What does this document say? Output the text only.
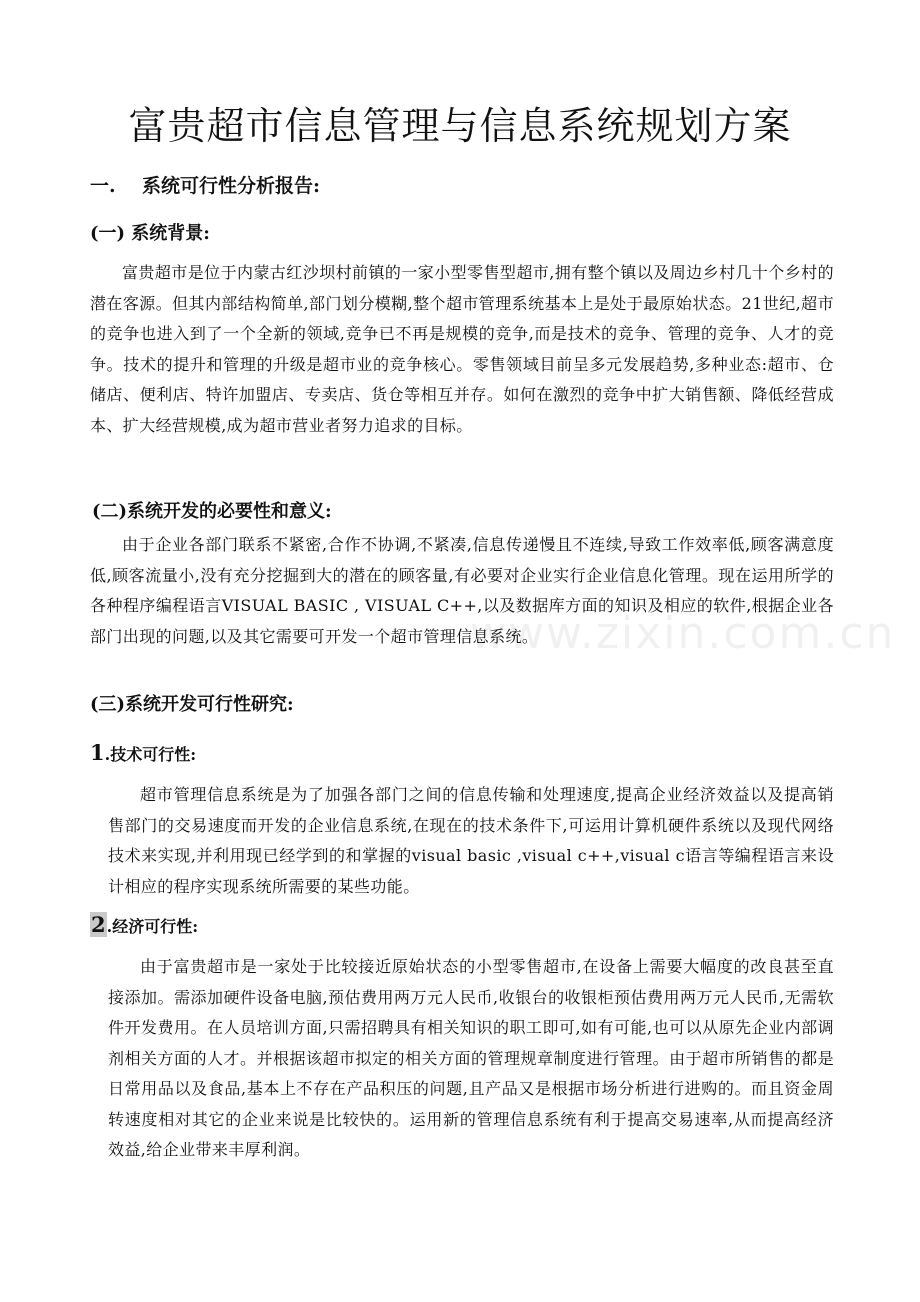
富贵超市信息管理与信息系统规划方案
一. 系统可行性分析报告:
(一) 系统背景:

富贵超市是位于内蒙古红沙坝村前镇的一家小型零售型超市,拥有整个镇以及周边乡村几十个乡村的潜在客源。但其内部结构简单,部门划分模糊,整个超市管理系统基本上是处于最原始状态。21世纪,超市的竞争也进入到了一个全新的领域,竞争已不再是规模的竞争,而是技术的竞争、管理的竞争、人才的竞争。技术的提升和管理的升级是超市业的竞争核心。零售领域目前呈多元发展趋势,多种业态:超市、仓储店、便利店、特许加盟店、专卖店、货仓等相互并存。如何在激烈的竞争中扩大销售额、降低经营成本、扩大经营规模,成为超市营业者努力追求的目标。

(二)系统开发的必要性和意义:

由于企业各部门联系不紧密,合作不协调,不紧凑,信息传递慢且不连续,导致工作效率低,顾客满意度低,顾客流量小,没有充分挖掘到大的潜在的顾客量,有必要对企业实行企业信息化管理。现在运用所学的各种程序编程语言VISUAL BASIC , VISUAL C++,以及数据库方面的知识及相应的软件,根据企业各部门出现的问题,以及其它需要可开发一个超市管理信息系统。

(三)系统开发可行性研究:
1.技术可行性:

超市管理信息系统是为了加强各部门之间的信息传输和处理速度,提高企业经济效益以及提高销售部门的交易速度而开发的企业信息系统,在现在的技术条件下,可运用计算机硬件系统以及现代网络技术来实现,并利用现已经学到的和掌握的visual basic ,visual c++,visual c语言等编程语言来设计相应的程序实现系统所需要的某些功能。

2.经济可行性:

由于富贵超市是一家处于比较接近原始状态的小型零售超市,在设备上需要大幅度的改良甚至直接添加。需添加硬件设备电脑,预估费用两万元人民币,收银台的收银柜预估费用两万元人民币,无需软件开发费用。在人员培训方面,只需招聘具有相关知识的职工即可,如有可能,也可以从原先企业内部调剂相关方面的人才。并根据该超市拟定的相关方面的管理规章制度进行管理。由于超市所销售的都是日常用品以及食品,基本上不存在产品积压的问题,且产品又是根据市场分析进行进购的。而且资金周转速度相对其它的企业来说是比较快的。运用新的管理信息系统有利于提高交易速率,从而提高经济效益,给企业带来丰厚利润。

www.zixin.com.cn
